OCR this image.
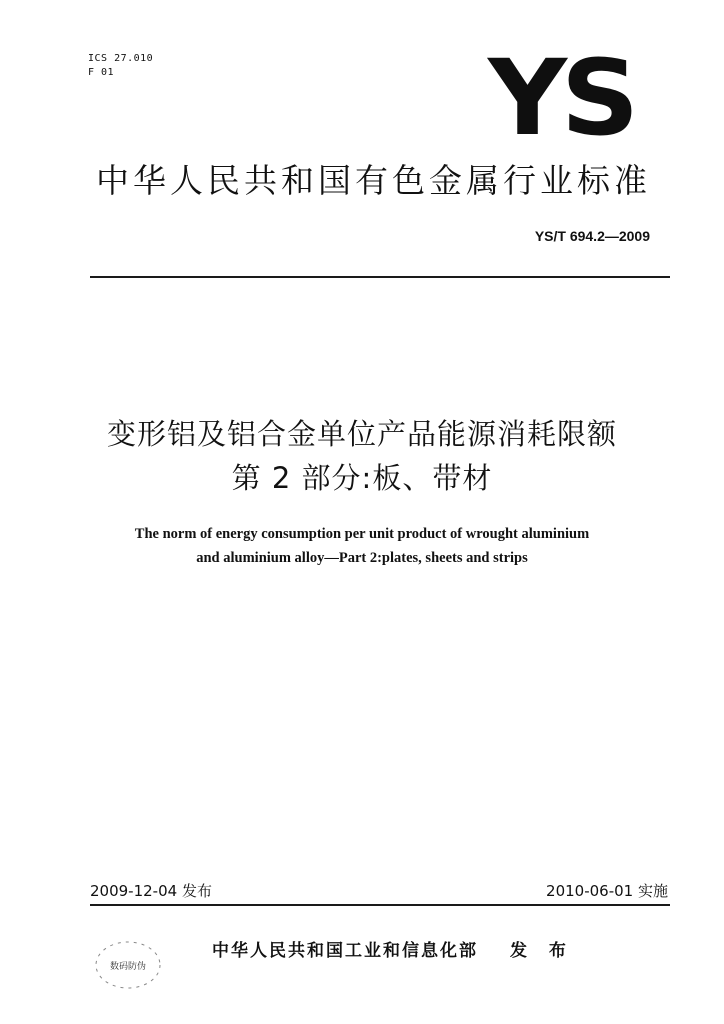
ICS 27.010
F 01	YS
中华人民共和国有色金属行业标准
YS/T 694.2—2009
变形铝及铝合金单位产品能源消耗限额
第 2 部分:板、带材
The norm of energy consumption per unit product of wrought aluminium
and aluminium alloy—Part 2:plates, sheets and strips
2009-12-04 发布	2010-06-01 实施
数码防伪
中华人民共和国工业和信息化部 发 布
